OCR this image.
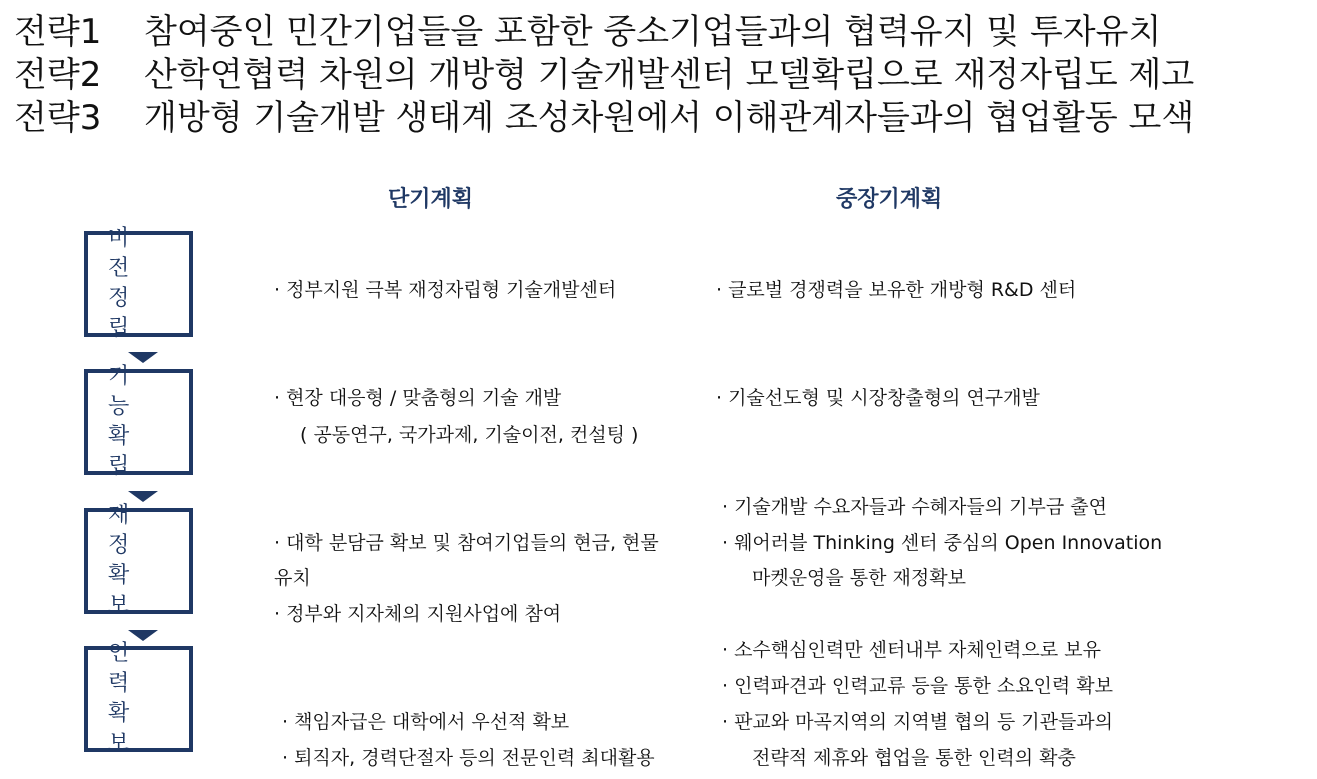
전략1 참여중인 민간기업들을 포함한 중소기업들과의 협력유지 및 투자유치
전략2 산학연협력 차원의 개방형 기술개발센터 모델확립으로 재정자립도 제고
전략3 개방형 기술개발 생태계 조성차원에서 이해관계자들과의 협업활동 모색
단기계획	중장기계획
비 전
정 립
· 정부지원 극복 재정자립형 기술개발센터	· 글로벌 경쟁력을 보유한 개방형 R&D 센터
기 능
확 립
· 현장 대응형 / 맞춤형의 기술 개발
( 공동연구, 국가과제, 기술이전, 컨설팅 )
· 기술선도형 및 시장창출형의 연구개발
재 정
확 보
· 대학 분담금 확보 및 참여기업들의 현금, 현물
유치
· 정부와 지자체의 지원사업에 참여
· 기술개발 수요자들과 수혜자들의 기부금 출연
· 웨어러블 Thinking 센터 중심의 Open Innovation
마켓운영을 통한 재정확보
인 력
확 보
· 책임자급은 대학에서 우선적 확보
· 퇴직자, 경력단절자 등의 전문인력 최대활용
· 소수핵심인력만 센터내부 자체인력으로 보유
· 인력파견과 인력교류 등을 통한 소요인력 확보
· 판교와 마곡지역의 지역별 협의 등 기관들과의
전략적 제휴와 협업을 통한 인력의 확충
